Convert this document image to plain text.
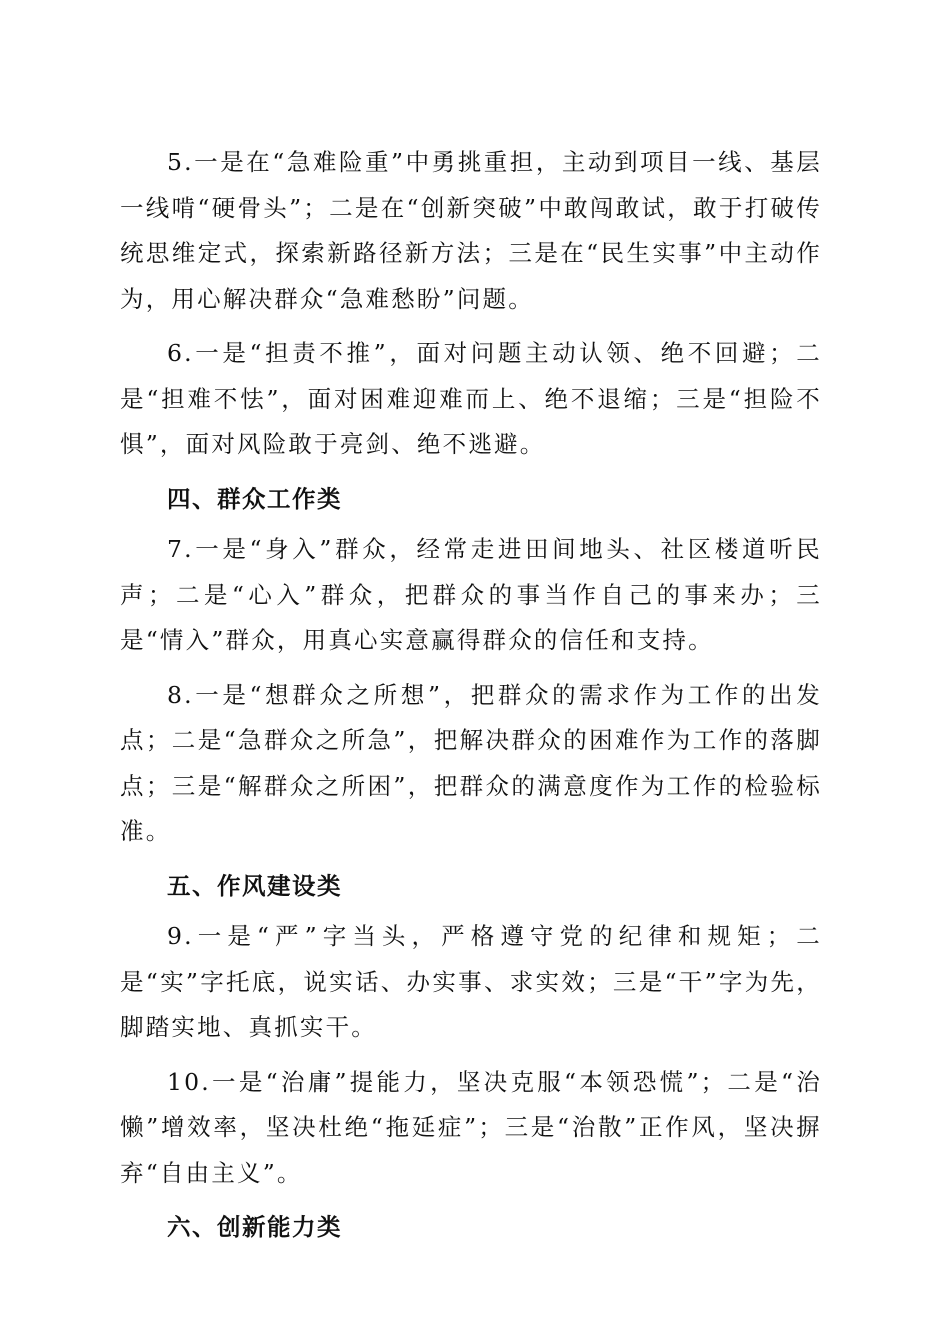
5.一是在“急难险重”中勇挑重担，主动到项目一线、基层一线啃“硬骨头”；二是在“创新突破”中敢闯敢试，敢于打破传统思维定式，探索新路径新方法；三是在“民生实事”中主动作为，用心解决群众“急难愁盼”问题。

6.一是“担责不推”，面对问题主动认领、绝不回避；二是“担难不怯”，面对困难迎难而上、绝不退缩；三是“担险不惧”，面对风险敢于亮剑、绝不逃避。

四、群众工作类

7.一是“身入”群众，经常走进田间地头、社区楼道听民声；二是“心入”群众，把群众的事当作自己的事来办；三是“情入”群众，用真心实意赢得群众的信任和支持。

8.一是“想群众之所想”，把群众的需求作为工作的出发点；二是“急群众之所急”，把解决群众的困难作为工作的落脚点；三是“解群众之所困”，把群众的满意度作为工作的检验标准。

五、作风建设类

9.一是“严”字当头，严格遵守党的纪律和规矩；二是“实”字托底，说实话、办实事、求实效；三是“干”字为先，脚踏实地、真抓实干。

10.一是“治庸”提能力，坚决克服“本领恐慌”；二是“治懒”增效率，坚决杜绝“拖延症”；三是“治散”正作风，坚决摒弃“自由主义”。

六、创新能力类
